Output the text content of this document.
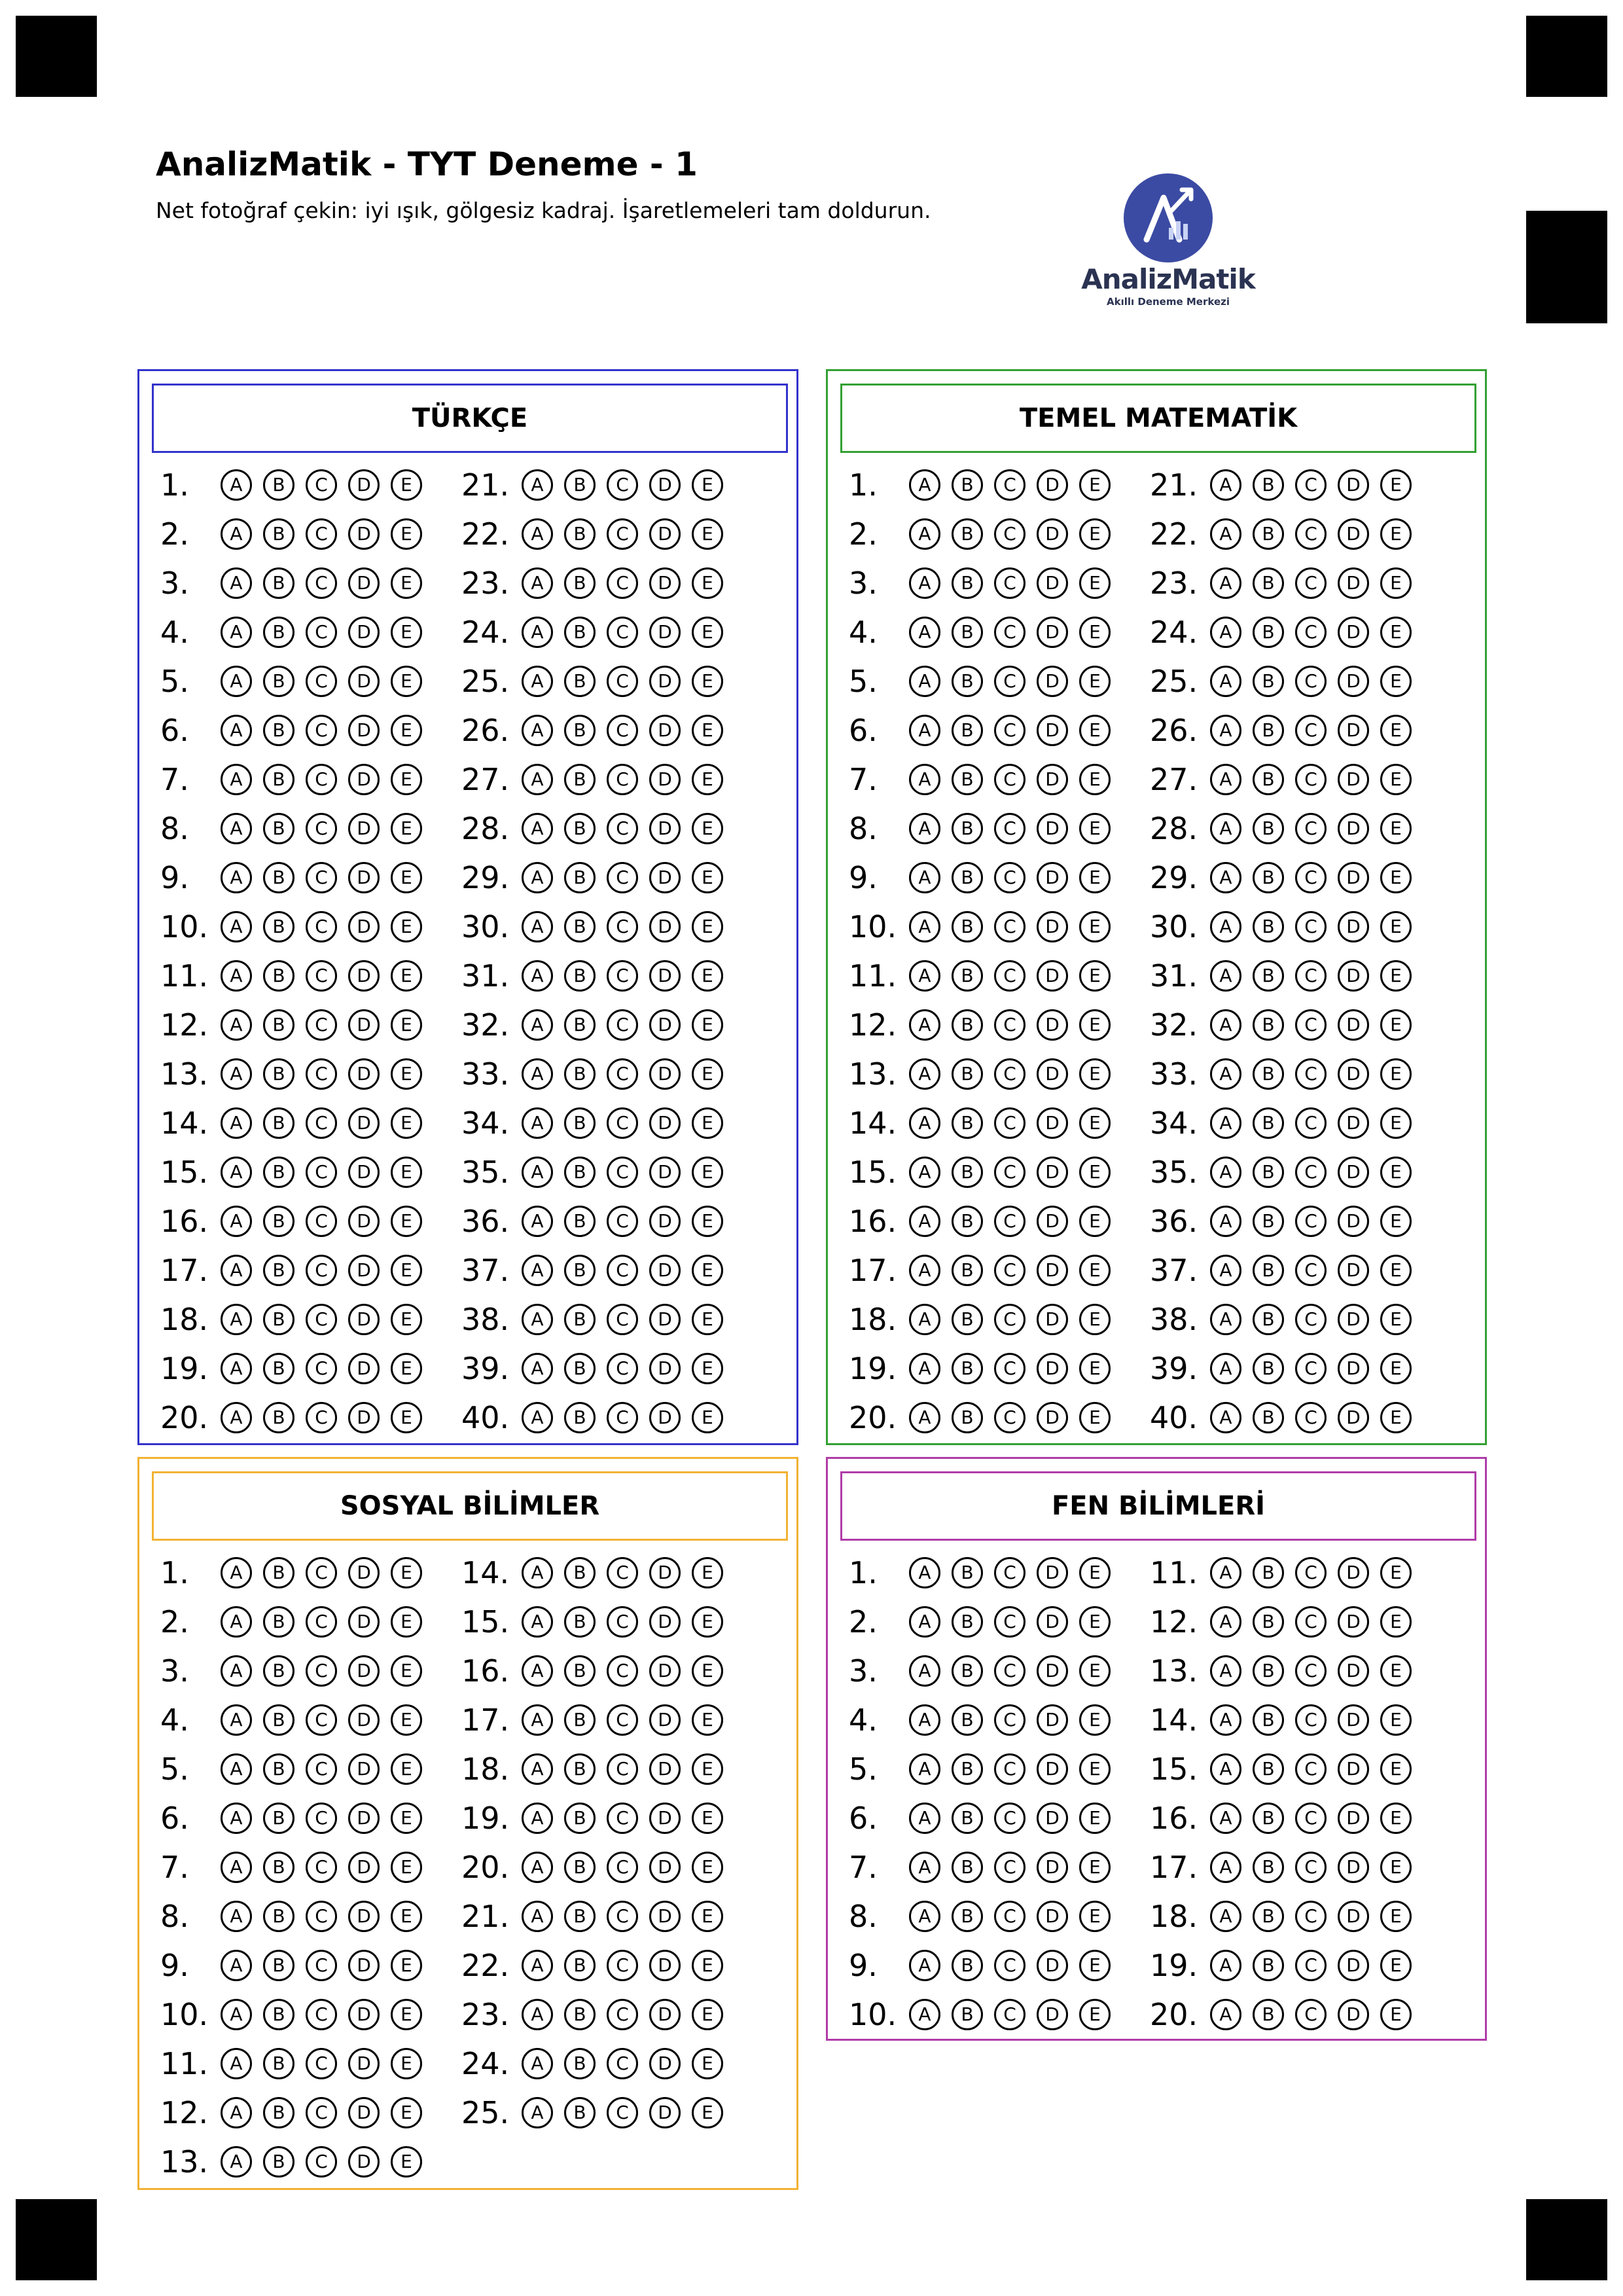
AnalizMatik - TYT Deneme - 1
Net fotoğraf çekin: iyi ışık, gölgesiz kadraj. İşaretlemeleri tam doldurun.
AnalizMatik
Akıllı Deneme Merkezi
TÜRKÇE
1.	A	B	C	D	E
2.	A	B	C	D	E
3.	A	B	C	D	E
4.	A	B	C	D	E
5.	A	B	C	D	E
6.	A	B	C	D	E
7.	A	B	C	D	E
8.	A	B	C	D	E
9.	A	B	C	D	E
10.	A	B	C	D	E
11.	A	B	C	D	E
12.	A	B	C	D	E
13.	A	B	C	D	E
14.	A	B	C	D	E
15.	A	B	C	D	E
16.	A	B	C	D	E
17.	A	B	C	D	E
18.	A	B	C	D	E
19.	A	B	C	D	E
20.	A	B	C	D	E
21.	A	B	C	D	E
22.	A	B	C	D	E
23.	A	B	C	D	E
24.	A	B	C	D	E
25.	A	B	C	D	E
26.	A	B	C	D	E
27.	A	B	C	D	E
28.	A	B	C	D	E
29.	A	B	C	D	E
30.	A	B	C	D	E
31.	A	B	C	D	E
32.	A	B	C	D	E
33.	A	B	C	D	E
34.	A	B	C	D	E
35.	A	B	C	D	E
36.	A	B	C	D	E
37.	A	B	C	D	E
38.	A	B	C	D	E
39.	A	B	C	D	E
40.	A	B	C	D	E
TEMEL MATEMATİK
1.	A	B	C	D	E
2.	A	B	C	D	E
3.	A	B	C	D	E
4.	A	B	C	D	E
5.	A	B	C	D	E
6.	A	B	C	D	E
7.	A	B	C	D	E
8.	A	B	C	D	E
9.	A	B	C	D	E
10.	A	B	C	D	E
11.	A	B	C	D	E
12.	A	B	C	D	E
13.	A	B	C	D	E
14.	A	B	C	D	E
15.	A	B	C	D	E
16.	A	B	C	D	E
17.	A	B	C	D	E
18.	A	B	C	D	E
19.	A	B	C	D	E
20.	A	B	C	D	E
21.	A	B	C	D	E
22.	A	B	C	D	E
23.	A	B	C	D	E
24.	A	B	C	D	E
25.	A	B	C	D	E
26.	A	B	C	D	E
27.	A	B	C	D	E
28.	A	B	C	D	E
29.	A	B	C	D	E
30.	A	B	C	D	E
31.	A	B	C	D	E
32.	A	B	C	D	E
33.	A	B	C	D	E
34.	A	B	C	D	E
35.	A	B	C	D	E
36.	A	B	C	D	E
37.	A	B	C	D	E
38.	A	B	C	D	E
39.	A	B	C	D	E
40.	A	B	C	D	E
SOSYAL BİLİMLER
1.	A	B	C	D	E
2.	A	B	C	D	E
3.	A	B	C	D	E
4.	A	B	C	D	E
5.	A	B	C	D	E
6.	A	B	C	D	E
7.	A	B	C	D	E
8.	A	B	C	D	E
9.	A	B	C	D	E
10.	A	B	C	D	E
11.	A	B	C	D	E
12.	A	B	C	D	E
13.	A	B	C	D	E
14.	A	B	C	D	E
15.	A	B	C	D	E
16.	A	B	C	D	E
17.	A	B	C	D	E
18.	A	B	C	D	E
19.	A	B	C	D	E
20.	A	B	C	D	E
21.	A	B	C	D	E
22.	A	B	C	D	E
23.	A	B	C	D	E
24.	A	B	C	D	E
25.	A	B	C	D	E
FEN BİLİMLERİ
1.	A	B	C	D	E
2.	A	B	C	D	E
3.	A	B	C	D	E
4.	A	B	C	D	E
5.	A	B	C	D	E
6.	A	B	C	D	E
7.	A	B	C	D	E
8.	A	B	C	D	E
9.	A	B	C	D	E
10.	A	B	C	D	E
11.	A	B	C	D	E
12.	A	B	C	D	E
13.	A	B	C	D	E
14.	A	B	C	D	E
15.	A	B	C	D	E
16.	A	B	C	D	E
17.	A	B	C	D	E
18.	A	B	C	D	E
19.	A	B	C	D	E
20.	A	B	C	D	E
